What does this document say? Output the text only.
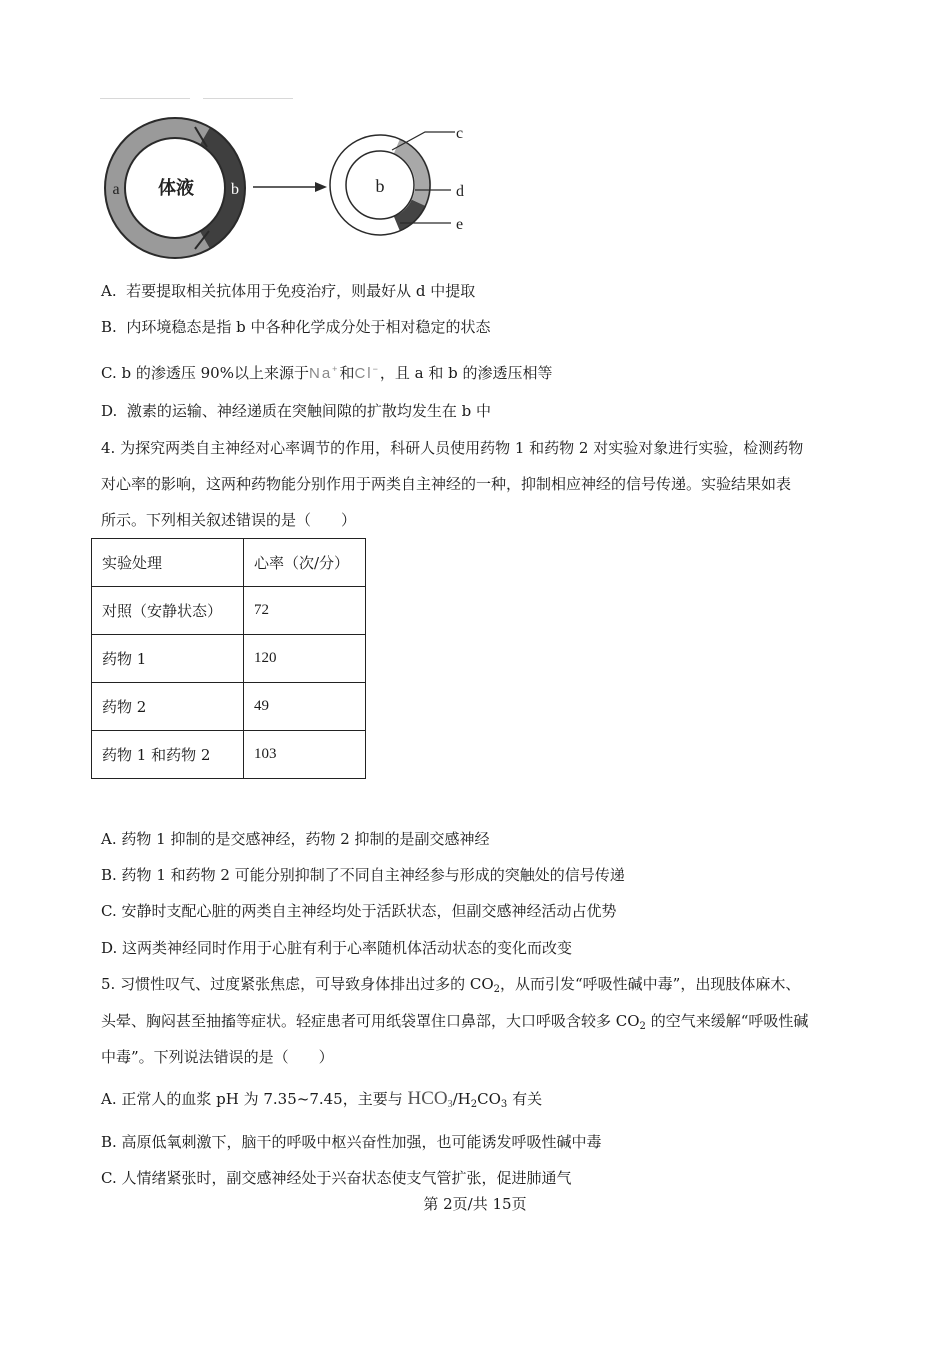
体液
a	b	b
c
d
e
A. 若要提取相关抗体用于免疫治疗，则最好从 d 中提取
B. 内环境稳态是指 b 中各种化学成分处于相对稳定的状态
C. b 的渗透压 90%以上来源于Na+和Cl−，且 a 和 b 的渗透压相等
D. 激素的运输、神经递质在突触间隙的扩散均发生在 b 中
4. 为探究两类自主神经对心率调节的作用，科研人员使用药物 1 和药物 2 对实验对象进行实验，检测药物
对心率的影响，这两种药物能分别作用于两类自主神经的一种，抑制相应神经的信号传递。实验结果如表
所示。下列相关叙述错误的是（　　）
实验处理	心率（次/分）
对照（安静状态）	72
药物 1	120
药物 2	49
药物 1 和药物 2	103
A. 药物 1 抑制的是交感神经，药物 2 抑制的是副交感神经
B. 药物 1 和药物 2 可能分别抑制了不同自主神经参与形成的突触处的信号传递
C. 安静时支配心脏的两类自主神经均处于活跃状态，但副交感神经活动占优势
D. 这两类神经同时作用于心脏有利于心率随机体活动状态的变化而改变
5. 习惯性叹气、过度紧张焦虑，可导致身体排出过多的 $CO_2$，从而引发“呼吸性碱中毒”，出现肢体麻木、
头晕、胸闷甚至抽搐等症状。轻症患者可用纸袋罩住口鼻部，大口呼吸含较多 $CO_2$ 的空气来缓解“呼吸性碱
中毒”。下列说法错误的是（　　）
A. 正常人的血浆 pH 为 7.35~7.45，主要与 $HCO_3/H_2CO_3$ 有关
B. 高原低氧刺激下，脑干的呼吸中枢兴奋性加强，也可能诱发呼吸性碱中毒
C. 人情绪紧张时，副交感神经处于兴奋状态使支气管扩张，促进肺通气
第 2页/共 15页
